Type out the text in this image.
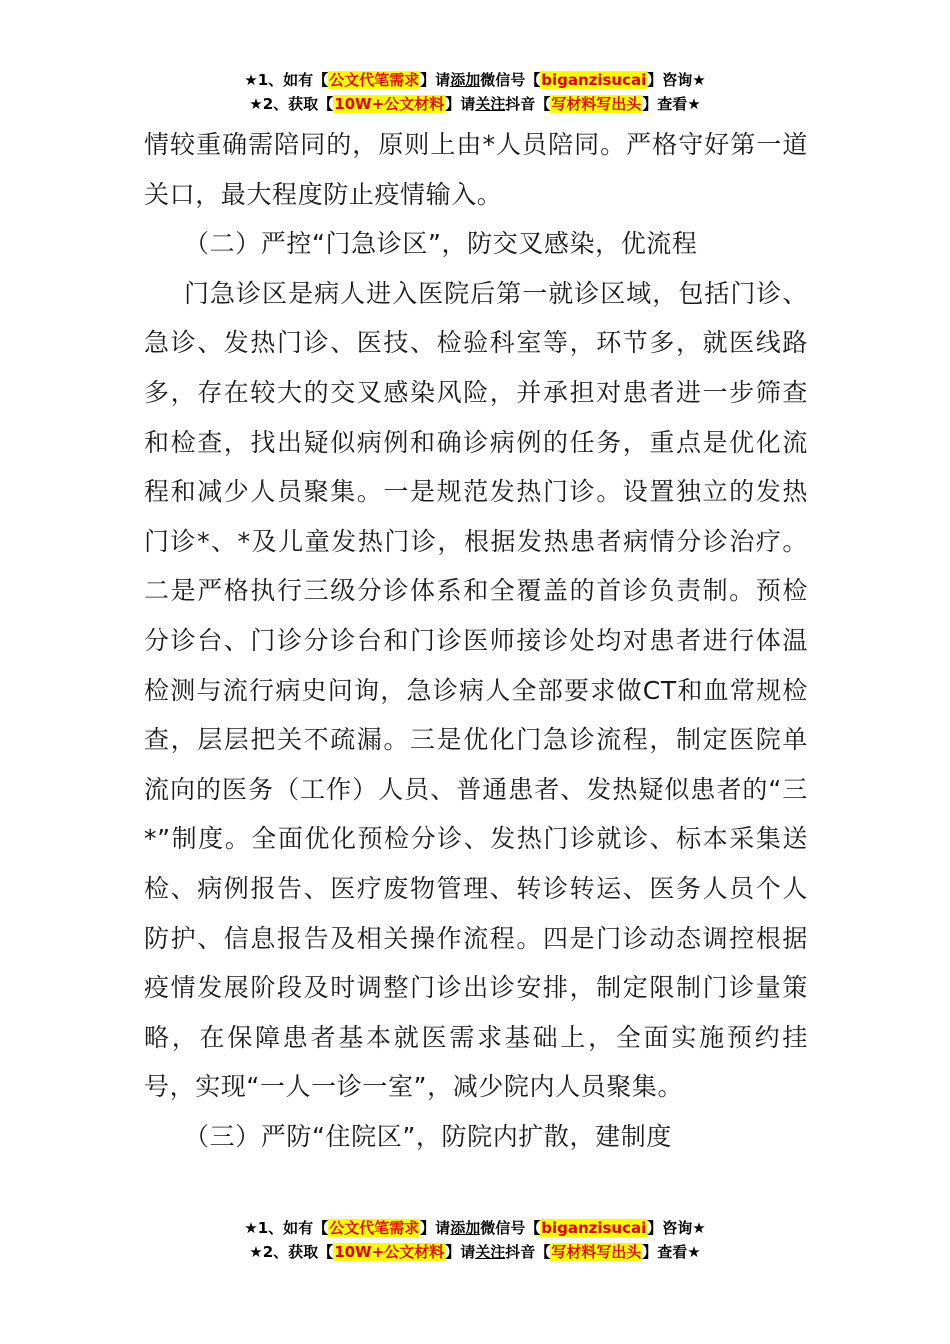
★1、如有【公文代笔需求】请添加微信号【biganzisucai】咨询★
★2、获取【10W+公文材料】请关注抖音【写材料写出头】查看★

情较重确需陪同的，原则上由*人员陪同。严格守好第一道关口，最大程度防止疫情输入。

（二）严控“门急诊区”，防交叉感染，优流程

门急诊区是病人进入医院后第一就诊区域，包括门诊、急诊、发热门诊、医技、检验科室等，环节多，就医线路多，存在较大的交叉感染风险，并承担对患者进一步筛查和检查，找出疑似病例和确诊病例的任务，重点是优化流程和减少人员聚集。一是规范发热门诊。设置独立的发热门诊*、*及儿童发热门诊，根据发热患者病情分诊治疗。二是严格执行三级分诊体系和全覆盖的首诊负责制。预检分诊台、门诊分诊台和门诊医师接诊处均对患者进行体温检测与流行病史问询，急诊病人全部要求做CT和血常规检查，层层把关不疏漏。三是优化门急诊流程，制定医院单流向的医务（工作）人员、普通患者、发热疑似患者的“三*”制度。全面优化预检分诊、发热门诊就诊、标本采集送检、病例报告、医疗废物管理、转诊转运、医务人员个人防护、信息报告及相关操作流程。四是门诊动态调控根据疫情发展阶段及时调整门诊出诊安排，制定限制门诊量策略，在保障患者基本就医需求基础上，全面实施预约挂号，实现“一人一诊一室”，减少院内人员聚集。

（三）严防“住院区”，防院内扩散，建制度

★1、如有【公文代笔需求】请添加微信号【biganzisucai】咨询★
★2、获取【10W+公文材料】请关注抖音【写材料写出头】查看★
